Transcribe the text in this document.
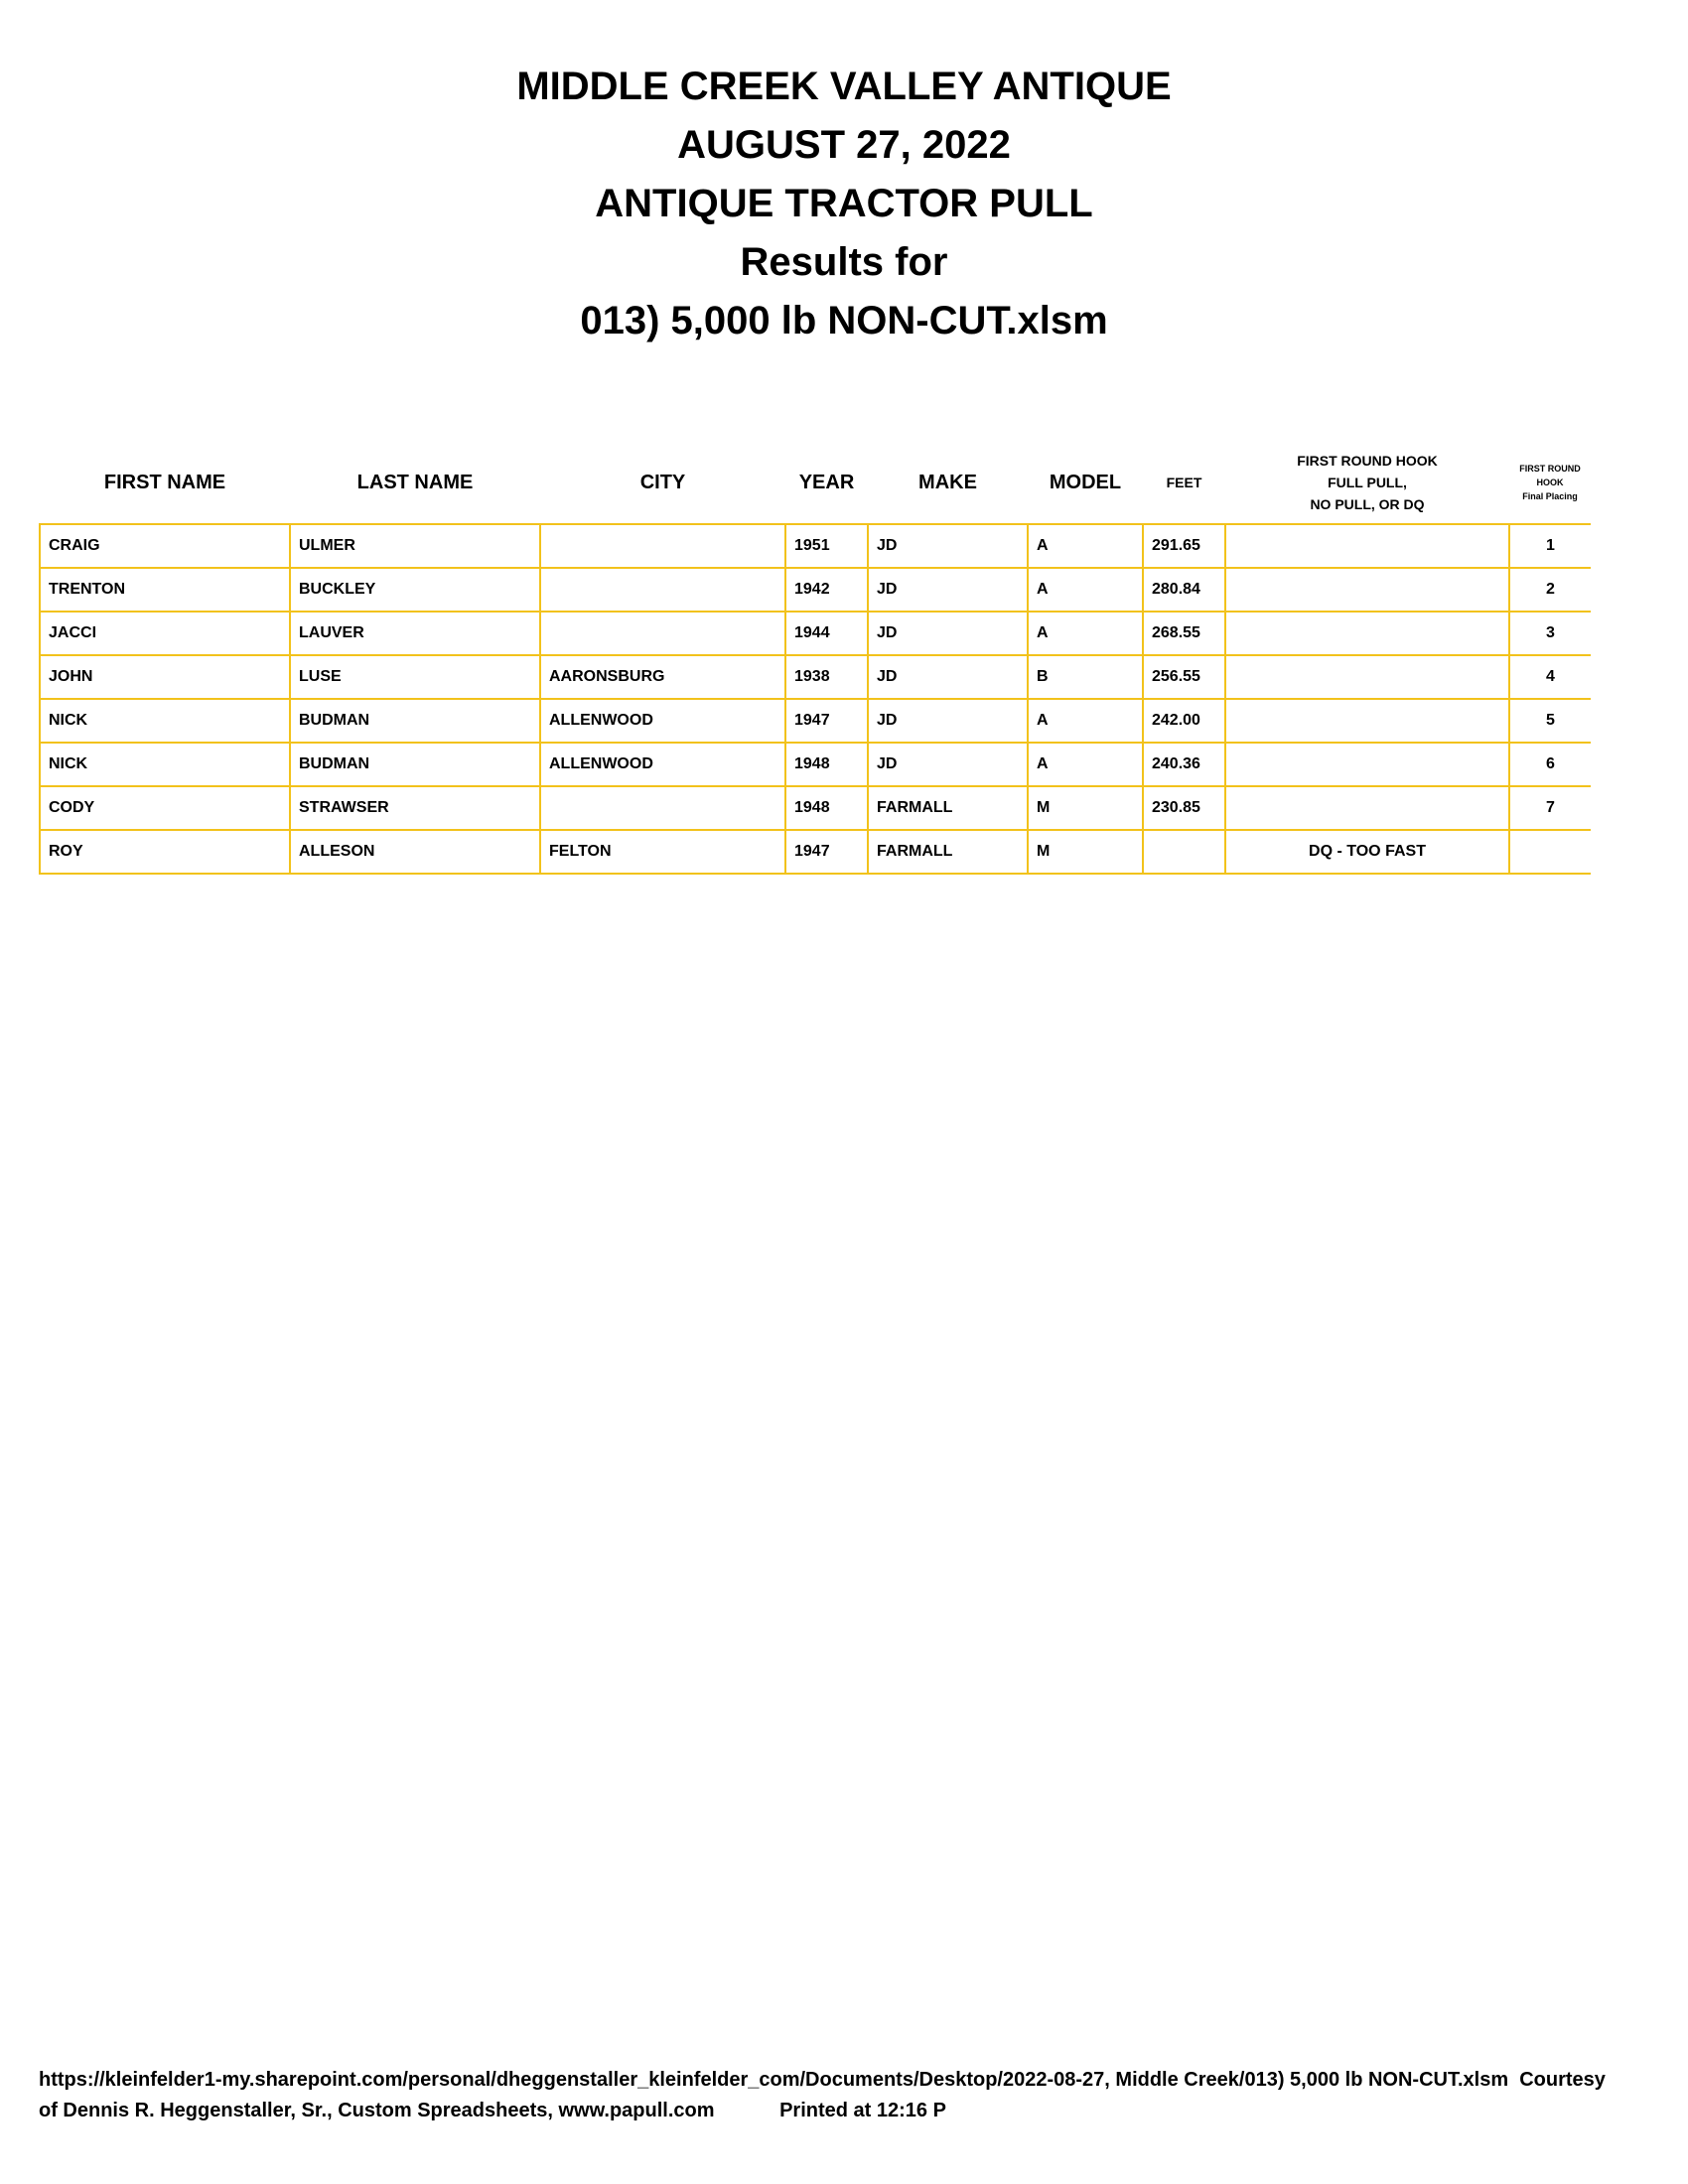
MIDDLE CREEK VALLEY ANTIQUE
AUGUST 27, 2022
ANTIQUE TRACTOR PULL
Results for
013) 5,000 lb NON-CUT.xlsm
FIRST NAME	LAST NAME	CITY	YEAR	MAKE	MODEL	FEET	FIRST ROUND HOOK
FULL PULL,
NO PULL, OR DQ	FIRST ROUND
HOOK
Final Placing

CRAIG	ULMER		1951	JD	A	291.65		1
TRENTON	BUCKLEY		1942	JD	A	280.84		2
JACCI	LAUVER		1944	JD	A	268.55		3
JOHN	LUSE	AARONSBURG	1938	JD	B	256.55		4
NICK	BUDMAN	ALLENWOOD	1947	JD	A	242.00		5
NICK	BUDMAN	ALLENWOOD	1948	JD	A	240.36		6
CODY	STRAWSER		1948	FARMALL	M	230.85		7
ROY	ALLESON	FELTON	1947	FARMALL	M		DQ - TOO FAST	
https://kleinfelder1-my.sharepoint.com/personal/dheggenstaller_kleinfelder_com/Documents/Desktop/2022-08-27, Middle Creek/013) 5,000 lb NON-CUT.xlsm Courtesy of Dennis R. Heggenstaller, Sr., Custom Spreadsheets, www.papull.com	Printed at 12:16 P
